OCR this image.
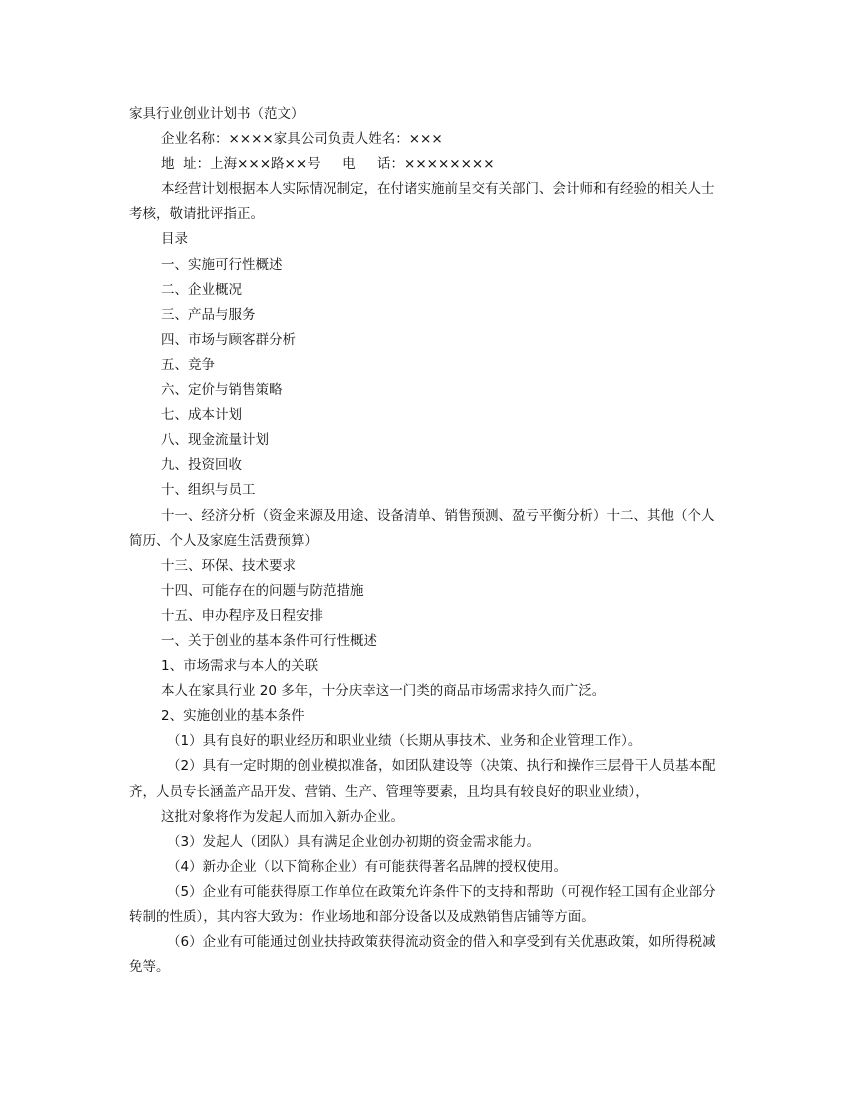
家具行业创业计划书（范文）

企业名称：××××家具公司负责人姓名：×××

地  址：上海×××路××号     电     话：××××××××

本经营计划根据本人实际情况制定，在付诸实施前呈交有关部门、会计师和有经验的相关人士考核，敬请批评指正。

目录

一、实施可行性概述

二、企业概况

三、产品与服务

四、市场与顾客群分析

五、竞争

六、定价与销售策略

七、成本计划

八、现金流量计划

九、投资回收

十、组织与员工

十一、经济分析（资金来源及用途、设备清单、销售预测、盈亏平衡分析）十二、其他（个人简历、个人及家庭生活费预算）

十三、环保、技术要求

十四、可能存在的问题与防范措施

十五、申办程序及日程安排

一、关于创业的基本条件可行性概述

1、市场需求与本人的关联

本人在家具行业 20 多年，十分庆幸这一门类的商品市场需求持久而广泛。

2、实施创业的基本条件

（1）具有良好的职业经历和职业业绩（长期从事技术、业务和企业管理工作）。

（2）具有一定时期的创业模拟准备，如团队建设等（决策、执行和操作三层骨干人员基本配齐，人员专长涵盖产品开发、营销、生产、管理等要素，且均具有较良好的职业业绩），

这批对象将作为发起人而加入新办企业。

（3）发起人（团队）具有满足企业创办初期的资金需求能力。

（4）新办企业（以下简称企业）有可能获得著名品牌的授权使用。

（5）企业有可能获得原工作单位在政策允许条件下的支持和帮助（可视作轻工国有企业部分转制的性质），其内容大致为：作业场地和部分设备以及成熟销售店铺等方面。

（6）企业有可能通过创业扶持政策获得流动资金的借入和享受到有关优惠政策，如所得税减免等。
